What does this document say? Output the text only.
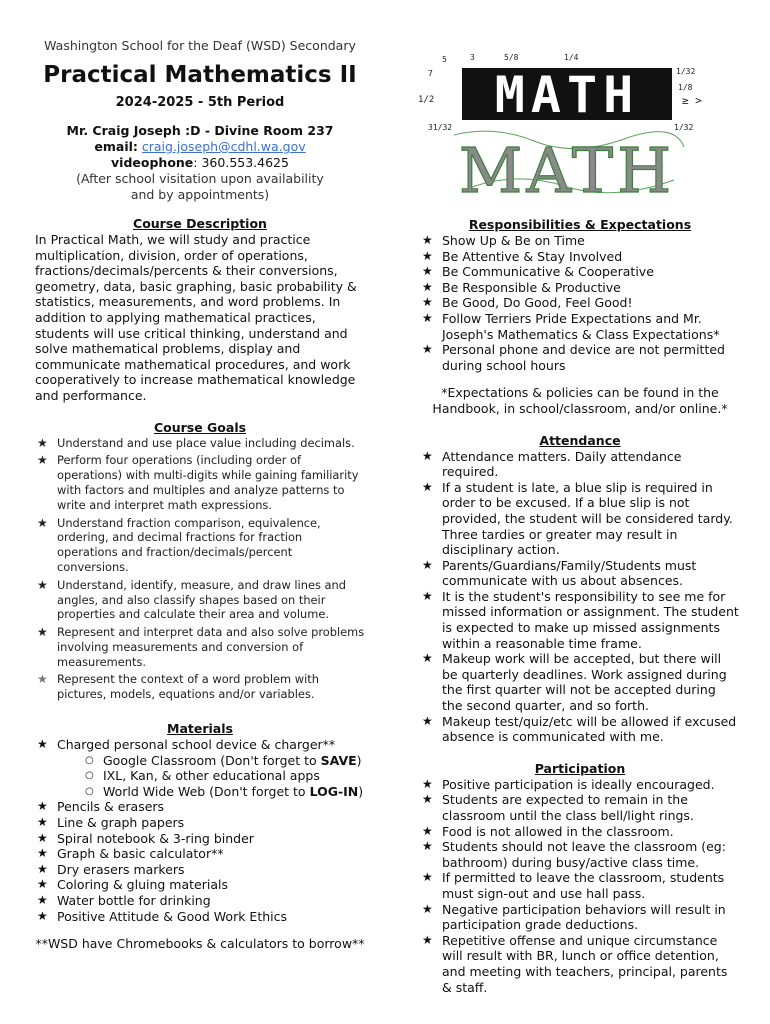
Washington School for the Deaf (WSD) Secondary
Practical Mathematics II
2024-2025 - 5th Period
Mr. Craig Joseph :D - Divine Room 237
email: craig.joseph@cdhl.wa.gov
videophone: 360.553.4625
(After school visitation upon availability
and by appointments)
5	3	5/8	1/4
7	1/32
1/8
1/2	≥ >
31/32	1/32
MATH
MATH
Course Description

In Practical Math, we will study and practice multiplication, division, order of operations, fractions/decimals/percents & their conversions, geometry, data, basic graphing, basic probability & statistics, measurements, and word problems. In addition to applying mathematical practices, students will use critical thinking, understand and solve mathematical problems, display and communicate mathematical procedures, and work cooperatively to increase mathematical knowledge and performance.

Course Goals
★ Understand and use place value including decimals.
★ Perform four operations (including order of operations) with multi-digits while gaining familiarity with factors and multiples and analyze patterns to write and interpret math expressions.
★ Understand fraction comparison, equivalence, ordering, and decimal fractions for fraction operations and fraction/decimals/percent conversions.
★ Understand, identify, measure, and draw lines and angles, and also classify shapes based on their properties and calculate their area and volume.
★ Represent and interpret data and also solve problems involving measurements and conversion of measurements.
★ Represent the context of a word problem with pictures, models, equations and/or variables.
Materials
★ Charged personal school device & charger**
○ Google Classroom (Don't forget to SAVE)
○ IXL, Kan, & other educational apps
○ World Wide Web (Don't forget to LOG-IN)
★ Pencils & erasers
★ Line & graph papers
★ Spiral notebook & 3-ring binder
★ Graph & basic calculator**
★ Dry erasers markers
★ Coloring & gluing materials
★ Water bottle for drinking
★ Positive Attitude & Good Work Ethics
**WSD have Chromebooks & calculators to borrow**
Responsibilities & Expectations
★ Show Up & Be on Time
★ Be Attentive & Stay Involved
★ Be Communicative & Cooperative
★ Be Responsible & Productive
★ Be Good, Do Good, Feel Good!
★ Follow Terriers Pride Expectations and Mr. Joseph's Mathematics & Class Expectations*
★ Personal phone and device are not permitted during school hours
*Expectations & policies can be found in the Handbook, in school/classroom, and/or online.*
Attendance
★ Attendance matters. Daily attendance required.
★ If a student is late, a blue slip is required in order to be excused. If a blue slip is not provided, the student will be considered tardy. Three tardies or greater may result in disciplinary action.
★ Parents/Guardians/Family/Students must communicate with us about absences.
★ It is the student's responsibility to see me for missed information or assignment. The student is expected to make up missed assignments within a reasonable time frame.
★ Makeup work will be accepted, but there will be quarterly deadlines. Work assigned during the first quarter will not be accepted during the second quarter, and so forth.
★ Makeup test/quiz/etc will be allowed if excused absence is communicated with me.
Participation
★ Positive participation is ideally encouraged.
★ Students are expected to remain in the classroom until the class bell/light rings.
★ Food is not allowed in the classroom.
★ Students should not leave the classroom (eg: bathroom) during busy/active class time.
★ If permitted to leave the classroom, students must sign-out and use hall pass.
★ Negative participation behaviors will result in participation grade deductions.
★ Repetitive offense and unique circumstance will result with BR, lunch or office detention, and meeting with teachers, principal, parents & staff.
